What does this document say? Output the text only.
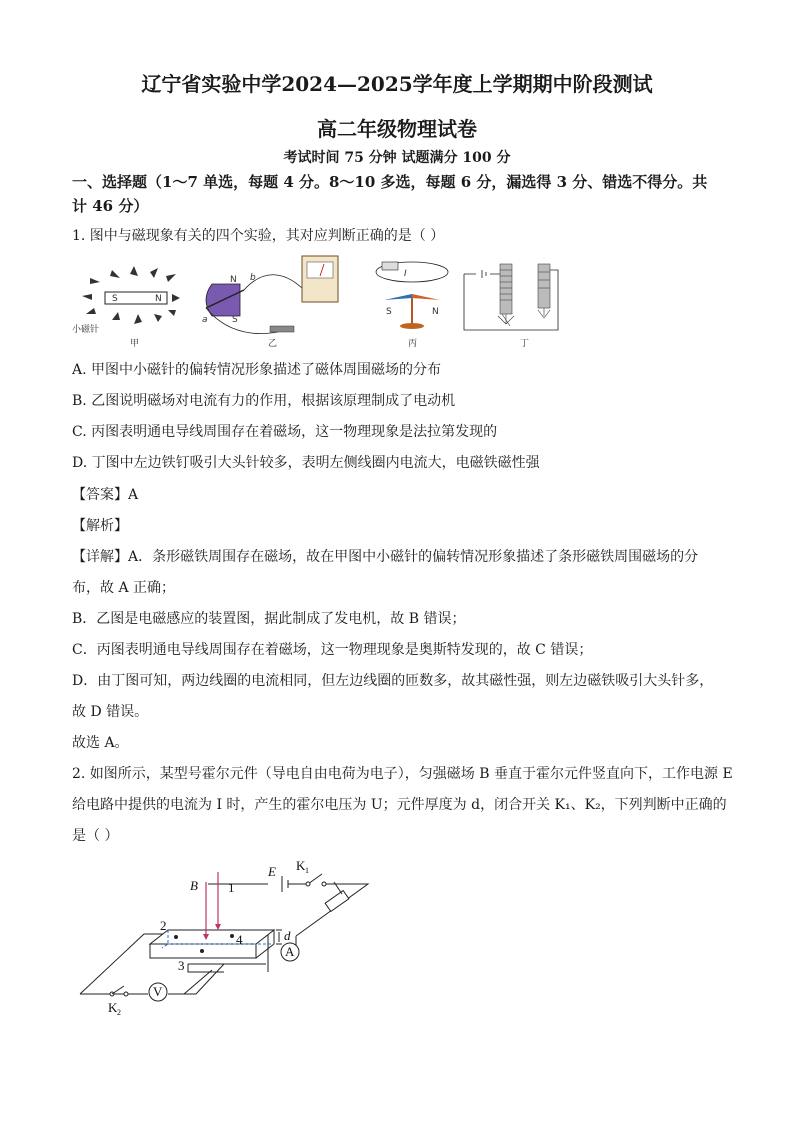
辽宁省实验中学2024—2025学年度上学期期中阶段测试
高二年级物理试卷
考试时间 75 分钟 试题满分 100 分
一、选择题（1～7 单选，每题 4 分。8～10 多选，每题 6 分，漏选得 3 分、错选不得分。共
计 46 分）
1. 图中与磁现象有关的四个实验，其对应判断正确的是（ ）
S	N
小磁针
甲
N
S
a
b
乙
I
S	N
丙	丁
A. 甲图中小磁针的偏转情况形象描述了磁体周围磁场的分布
B. 乙图说明磁场对电流有力的作用，根据该原理制成了电动机
C. 丙图表明通电导线周围存在着磁场，这一物理现象是法拉第发现的
D. 丁图中左边铁钉吸引大头针较多，表明左侧线圈内电流大，电磁铁磁性强
【答案】A
【解析】
【详解】A．条形磁铁周围存在磁场，故在甲图中小磁针的偏转情况形象描述了条形磁铁周围磁场的分
布，故 A 正确；
B．乙图是电磁感应的装置图，据此制成了发电机，故 B 错误；
C．丙图表明通电导线周围存在着磁场，这一物理现象是奥斯特发现的，故 C 错误；
D．由丁图可知，两边线圈的电流相同，但左边线圈的匝数多，故其磁性强，则左边磁铁吸引大头针多，
故 D 错误。
故选 A。
2. 如图所示，某型号霍尔元件（导电自由电荷为电子），匀强磁场 B 垂直于霍尔元件竖直向下，工作电源 E
给电路中提供的电流为 I 时，产生的霍尔电压为 U；元件厚度为 d，闭合开关 K₁、K₂，下列判断中正确的
是（ ）
A
V
B 1
2
3
4	d
E K 1
K 2
